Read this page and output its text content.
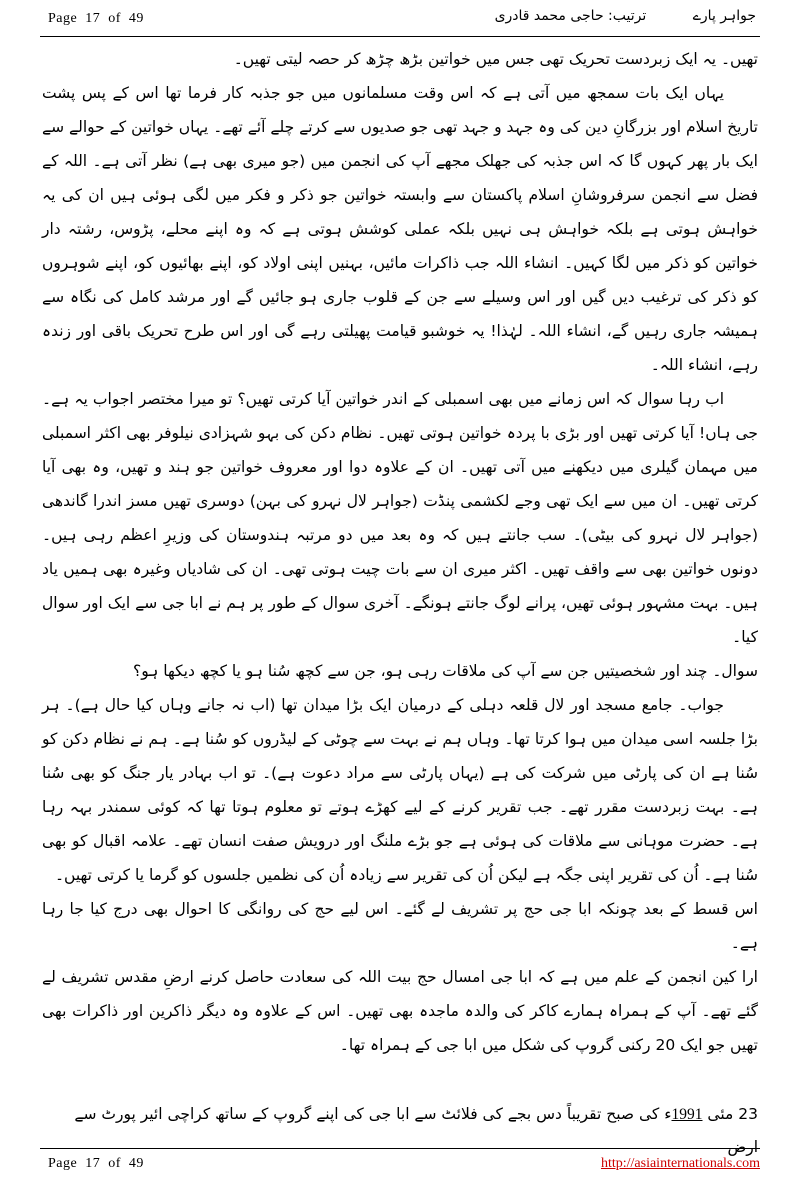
Page  17  of  49	جواہر پارے ترتیب: حاجی محمد قادری

تھیں۔ یہ ایک زبردست تحریک تھی جس میں خواتین بڑھ چڑھ کر حصہ لیتی تھیں۔

یہاں ایک بات سمجھ میں آتی ہے کہ اس وقت مسلمانوں میں جو جذبہ کار فرما تھا اس کے پس پشت تاریخ اسلام اور بزرگانِ دین کی وہ جہد و جہد تھی جو صدیوں سے کرتے چلے آئے تھے۔ یہاں خواتین کے حوالے سے ایک بار پھر کہوں گا کہ اس جذبہ کی جھلک مجھے آپ کی انجمن میں (جو میری بھی ہے) نظر آتی ہے۔ اللہ کے فضل سے انجمن سرفروشانِ اسلام پاکستان سے وابستہ خواتین جو ذکر و فکر میں لگی ہوئی ہیں ان کی یہ خواہش ہوتی ہے بلکہ خواہش ہی نہیں بلکہ عملی کوشش ہوتی ہے کہ وہ اپنے محلے، پڑوس، رشتہ دار خواتین کو ذکر میں لگا کہیں۔ انشاء اللہ جب ذاکرات مائیں، بہنیں اپنی اولاد کو، اپنے بھائیوں کو، اپنے شوہروں کو ذکر کی ترغیب دیں گیں اور اس وسیلے سے جن کے قلوب جاری ہو جائیں گے اور مرشد کامل کی نگاہ سے ہمیشہ جاری رہیں گے، انشاء اللہ۔ لہٰذا! یہ خوشبو قیامت پھیلتی رہے گی اور اس طرح تحریک باقی اور زندہ رہے، انشاء اللہ۔

اب رہا سوال کہ اس زمانے میں بھی اسمبلی کے اندر خواتین آیا کرتی تھیں؟ تو میرا مختصر اجواب یہ ہے۔ جی ہاں! آیا کرتی تھیں اور بڑی با پردہ خواتین ہوتی تھیں۔ نظام دکن کی بہو شہزادی نیلوفر بھی اکثر اسمبلی میں مہمان گیلری میں دیکھنے میں آتی تھیں۔ ان کے علاوہ دوا اور معروف خواتین جو ہند و تھیں، وہ بھی آیا کرتی تھیں۔ ان میں سے ایک تھی وجے لکشمی پنڈت (جواہر لال نہرو کی بہن) دوسری تھیں مسز اندرا گاندھی (جواہر لال نہرو کی بیٹی)۔ سب جانتے ہیں کہ وہ بعد میں دو مرتبہ ہندوستان کی وزیرِ اعظم رہی ہیں۔ دونوں خواتین بھی سے واقف تھیں۔ اکثر میری ان سے بات چیت ہوتی تھی۔ ان کی شادیاں وغیرہ بھی ہمیں یاد ہیں۔ بہت مشہور ہوئی تھیں، پرانے لوگ جانتے ہونگے۔ آخری سوال کے طور پر ہم نے ابا جی سے ایک اور سوال کیا۔

سوال۔ چند اور شخصیتیں جن سے آپ کی ملاقات رہی ہو، جن سے کچھ سُنا ہو یا کچھ دیکھا ہو؟

جواب۔ جامع مسجد اور لال قلعہ دہلی کے درمیان ایک بڑا میدان تھا (اب نہ جانے وہاں کیا حال ہے)۔ ہر بڑا جلسہ اسی میدان میں ہوا کرتا تھا۔ وہاں ہم نے بہت سے چوٹی کے لیڈروں کو سُنا ہے۔ ہم نے نظام دکن کو سُنا ہے ان کی پارٹی میں شرکت کی ہے (یہاں پارٹی سے مراد دعوت ہے)۔ تو اب بہادر یار جنگ کو بھی سُنا ہے۔ بہت زبردست مقرر تھے۔ جب تقریر کرنے کے لیے کھڑے ہوتے تو معلوم ہوتا تھا کہ کوئی سمندر بہہ رہا ہے۔ حضرت موہانی سے ملاقات کی ہوئی ہے جو بڑے ملنگ اور درویش صفت انسان تھے۔ علامہ اقبال کو بھی سُنا ہے۔ اُن کی تقریر اپنی جگہ ہے لیکن اُن کی تقریر سے زیادہ اُن کی نظمیں جلسوں کو گرما یا کرتی تھیں۔

اس قسط کے بعد چونکہ ابا جی حج پر تشریف لے گئے۔ اس لیے حج کی روانگی کا احوال بھی درج کیا جا رہا ہے۔

ارا کین انجمن کے علم میں ہے کہ ابا جی امسال حج بیت اللہ کی سعادت حاصل کرنے ارضِ مقدس تشریف لے گئے تھے۔ آپ کے ہمراہ ہمارے کاکر کی والدہ ماجدہ بھی تھیں۔ اس کے علاوہ وہ دیگر ذاکرین اور ذاکرات بھی تھیں جو ایک 20 رکنی گروپ کی شکل میں ابا جی کے ہمراہ تھا۔

23 مئی 1991ء کی صبح تقریباً دس بجے کی فلائٹ سے ابا جی کی اپنے گروپ کے ساتھ کراچی ائیر پورٹ سے ارض
Page  17  of  49	http://asiainternationals.com
